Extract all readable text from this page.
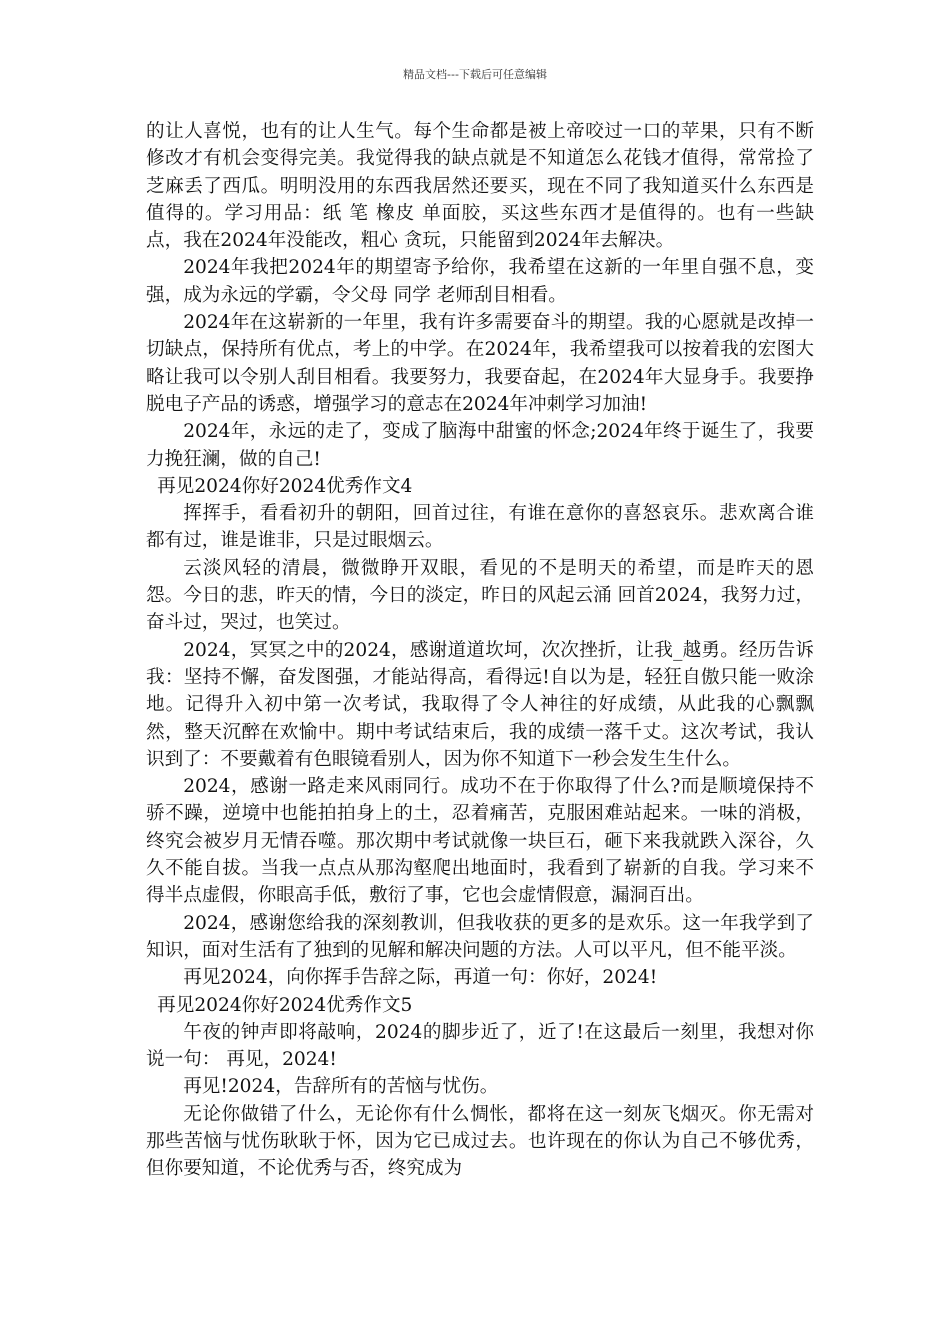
精品文档---下载后可任意编辑

的让人喜悦，也有的让人生气。每个生命都是被上帝咬过一口的苹果，只有不断修改才有机会变得完美。我觉得我的缺点就是不知道怎么花钱才值得，常常捡了芝麻丢了西瓜。明明没用的东西我居然还要买，现在不同了我知道买什么东西是值得的。学习用品：纸 笔 橡皮 单面胶，买这些东西才是值得的。也有一些缺点，我在2024年没能改，粗心 贪玩，只能留到2024年去解决。

2024年我把2024年的期望寄予给你，我希望在这新的一年里自强不息，变强，成为永远的学霸，令父母 同学 老师刮目相看。

2024年在这崭新的一年里，我有许多需要奋斗的期望。我的心愿就是改掉一切缺点，保持所有优点，考上的中学。在2024年，我希望我可以按着我的宏图大略让我可以令别人刮目相看。我要努力，我要奋起，在2024年大显身手。我要挣脱电子产品的诱惑，增强学习的意志在2024年冲刺学习加油!

2024年，永远的走了，变成了脑海中甜蜜的怀念;2024年终于诞生了，我要力挽狂澜，做的自己!

再见2024你好2024优秀作文4

挥挥手，看看初升的朝阳，回首过往，有谁在意你的喜怒哀乐。悲欢离合谁都有过，谁是谁非，只是过眼烟云。

云淡风轻的清晨，微微睁开双眼，看见的不是明天的希望，而是昨天的恩怨。今日的悲，昨天的情，今日的淡定，昨日的风起云涌 回首2024，我努力过，奋斗过，哭过，也笑过。

2024，冥冥之中的2024，感谢道道坎坷，次次挫折，让我_越勇。经历告诉我：坚持不懈，奋发图强，才能站得高，看得远!自以为是，轻狂自傲只能一败涂地。记得升入初中第一次考试，我取得了令人神往的好成绩，从此我的心飘飘然，整天沉醉在欢愉中。期中考试结束后，我的成绩一落千丈。这次考试，我认识到了：不要戴着有色眼镜看别人，因为你不知道下一秒会发生生什么。

2024，感谢一路走来风雨同行。成功不在于你取得了什么?而是顺境保持不骄不躁，逆境中也能拍拍身上的土，忍着痛苦，克服困难站起来。一味的消极，终究会被岁月无情吞噬。那次期中考试就像一块巨石，砸下来我就跌入深谷，久久不能自拔。当我一点点从那沟壑爬出地面时，我看到了崭新的自我。学习来不得半点虚假，你眼高手低，敷衍了事，它也会虚情假意，漏洞百出。

2024，感谢您给我的深刻教训，但我收获的更多的是欢乐。这一年我学到了知识，面对生活有了独到的见解和解决问题的方法。人可以平凡，但不能平淡。

再见2024，向你挥手告辞之际，再道一句：你好，2024!

再见2024你好2024优秀作文5

午夜的钟声即将敲响，2024的脚步近了，近了!在这最后一刻里，我想对你说一句： 再见，2024!

再见!2024，告辞所有的苦恼与忧伤。

无论你做错了什么，无论你有什么惆怅，都将在这一刻灰飞烟灭。你无需对那些苦恼与忧伤耿耿于怀，因为它已成过去。也许现在的你认为自己不够优秀，但你要知道，不论优秀与否，终究成为
